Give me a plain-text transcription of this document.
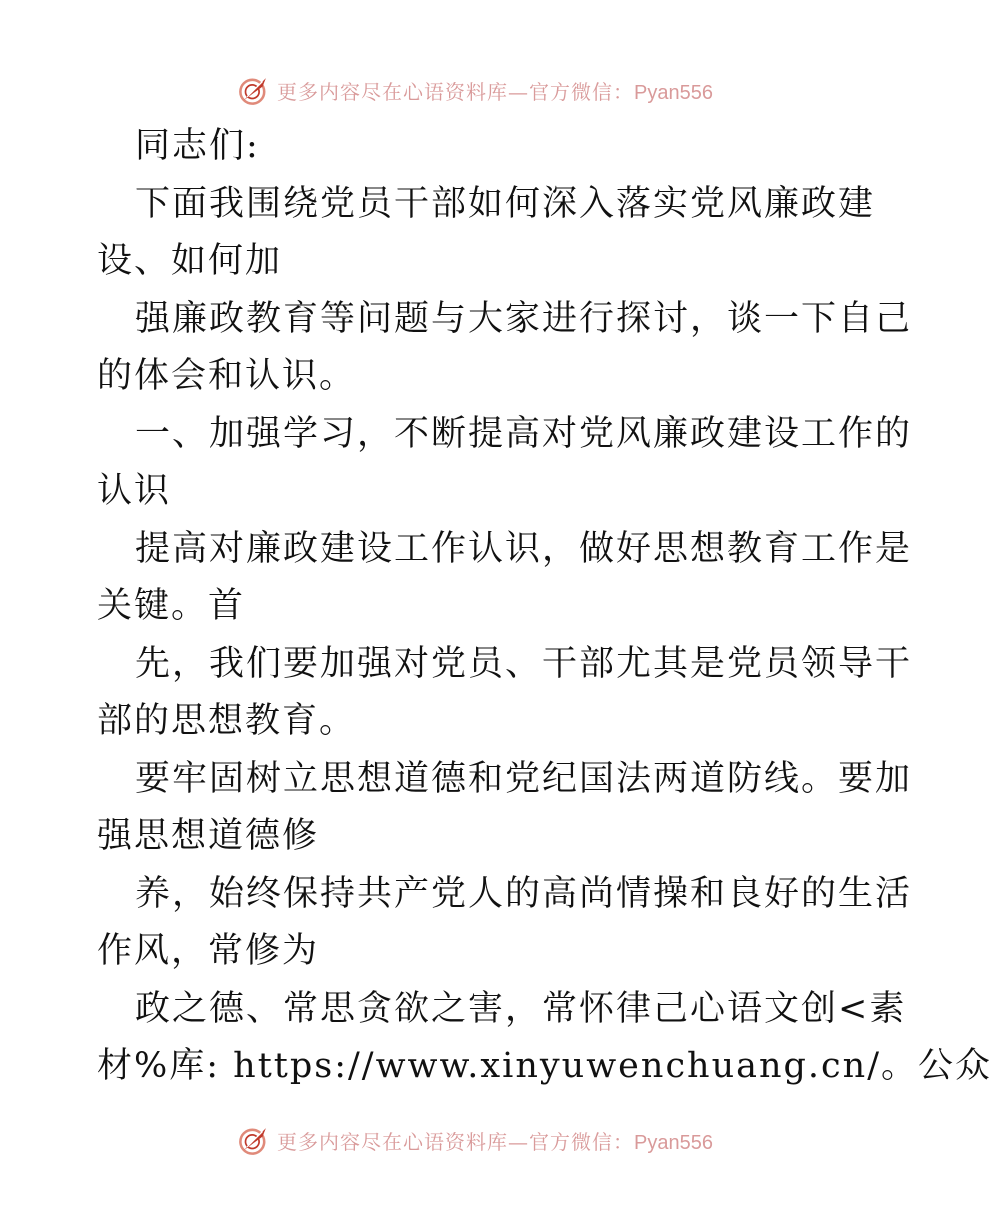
更多内容尽在心语资料库—官方微信：Pyan556
同志们:
下面我围绕党员干部如何深入落实党风廉政建
设、如何加
强廉政教育等问题与大家进行探讨，谈一下自己
的体会和认识。
一、加强学习，不断提高对党风廉政建设工作的
认识
提高对廉政建设工作认识，做好思想教育工作是
关键。首
先，我们要加强对党员、干部尤其是党员领导干
部的思想教育。
要牢固树立思想道德和党纪国法两道防线。要加
强思想道德修
养，始终保持共产党人的高尚情操和良好的生活
作风，常修为
政之德、常思贪欲之害，常怀律己心语文创<素
材%库: https://www.xinyuwenchuang.cn/。公众
更多内容尽在心语资料库—官方微信：Pyan556
